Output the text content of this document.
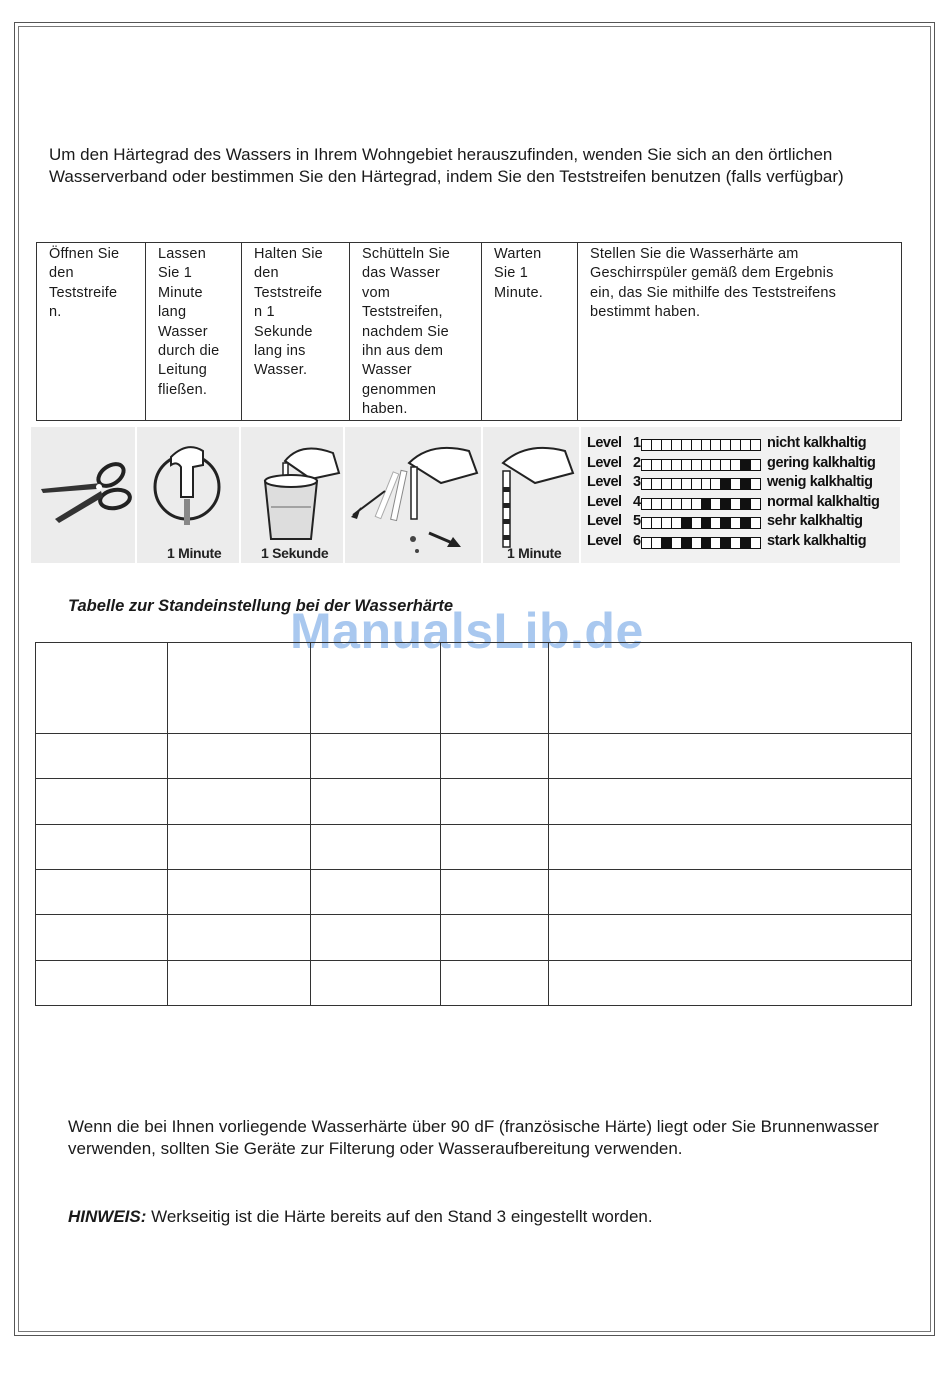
Um den Härtegrad des Wassers in Ihrem Wohngebiet herauszufinden, wenden Sie sich an den örtlichen Wasserverband oder bestimmen Sie den Härtegrad, indem Sie den Teststreifen benutzen (falls verfügbar)

Öffnen Sie
den
Teststreife
n.

Lassen
Sie 1
Minute
lang
Wasser
durch die
Leitung
fließen.

Halten Sie
den
Teststreife
n 1
Sekunde
lang ins
Wasser.

Schütteln Sie
das Wasser
vom
Teststreifen,
nachdem Sie
ihn aus dem
Wasser
genommen
haben.

Warten
Sie 1
Minute.

Stellen Sie die Wasserhärte am
Geschirrspüler gemäß dem Ergebnis
ein, das Sie mithilfe des Teststreifens
bestimmt haben.
1 Minute	1 Sekunde	1 Minute
Level 1	nicht kalkhaltig
Level 2	gering kalkhaltig
Level 3	wenig kalkhaltig
Level 4	normal kalkhaltig
Level 5	sehr kalkhaltig
Level 6	stark kalkhaltig
ManualsLib.de
Tabelle zur Standeinstellung bei der Wasserhärte

Wenn die bei Ihnen vorliegende Wasserhärte über 90 dF (französische Härte) liegt oder Sie Brunnenwasser verwenden, sollten Sie Geräte zur Filterung oder Wasseraufbereitung verwenden.

HINWEIS: Werkseitig ist die Härte bereits auf den Stand 3 eingestellt worden.
